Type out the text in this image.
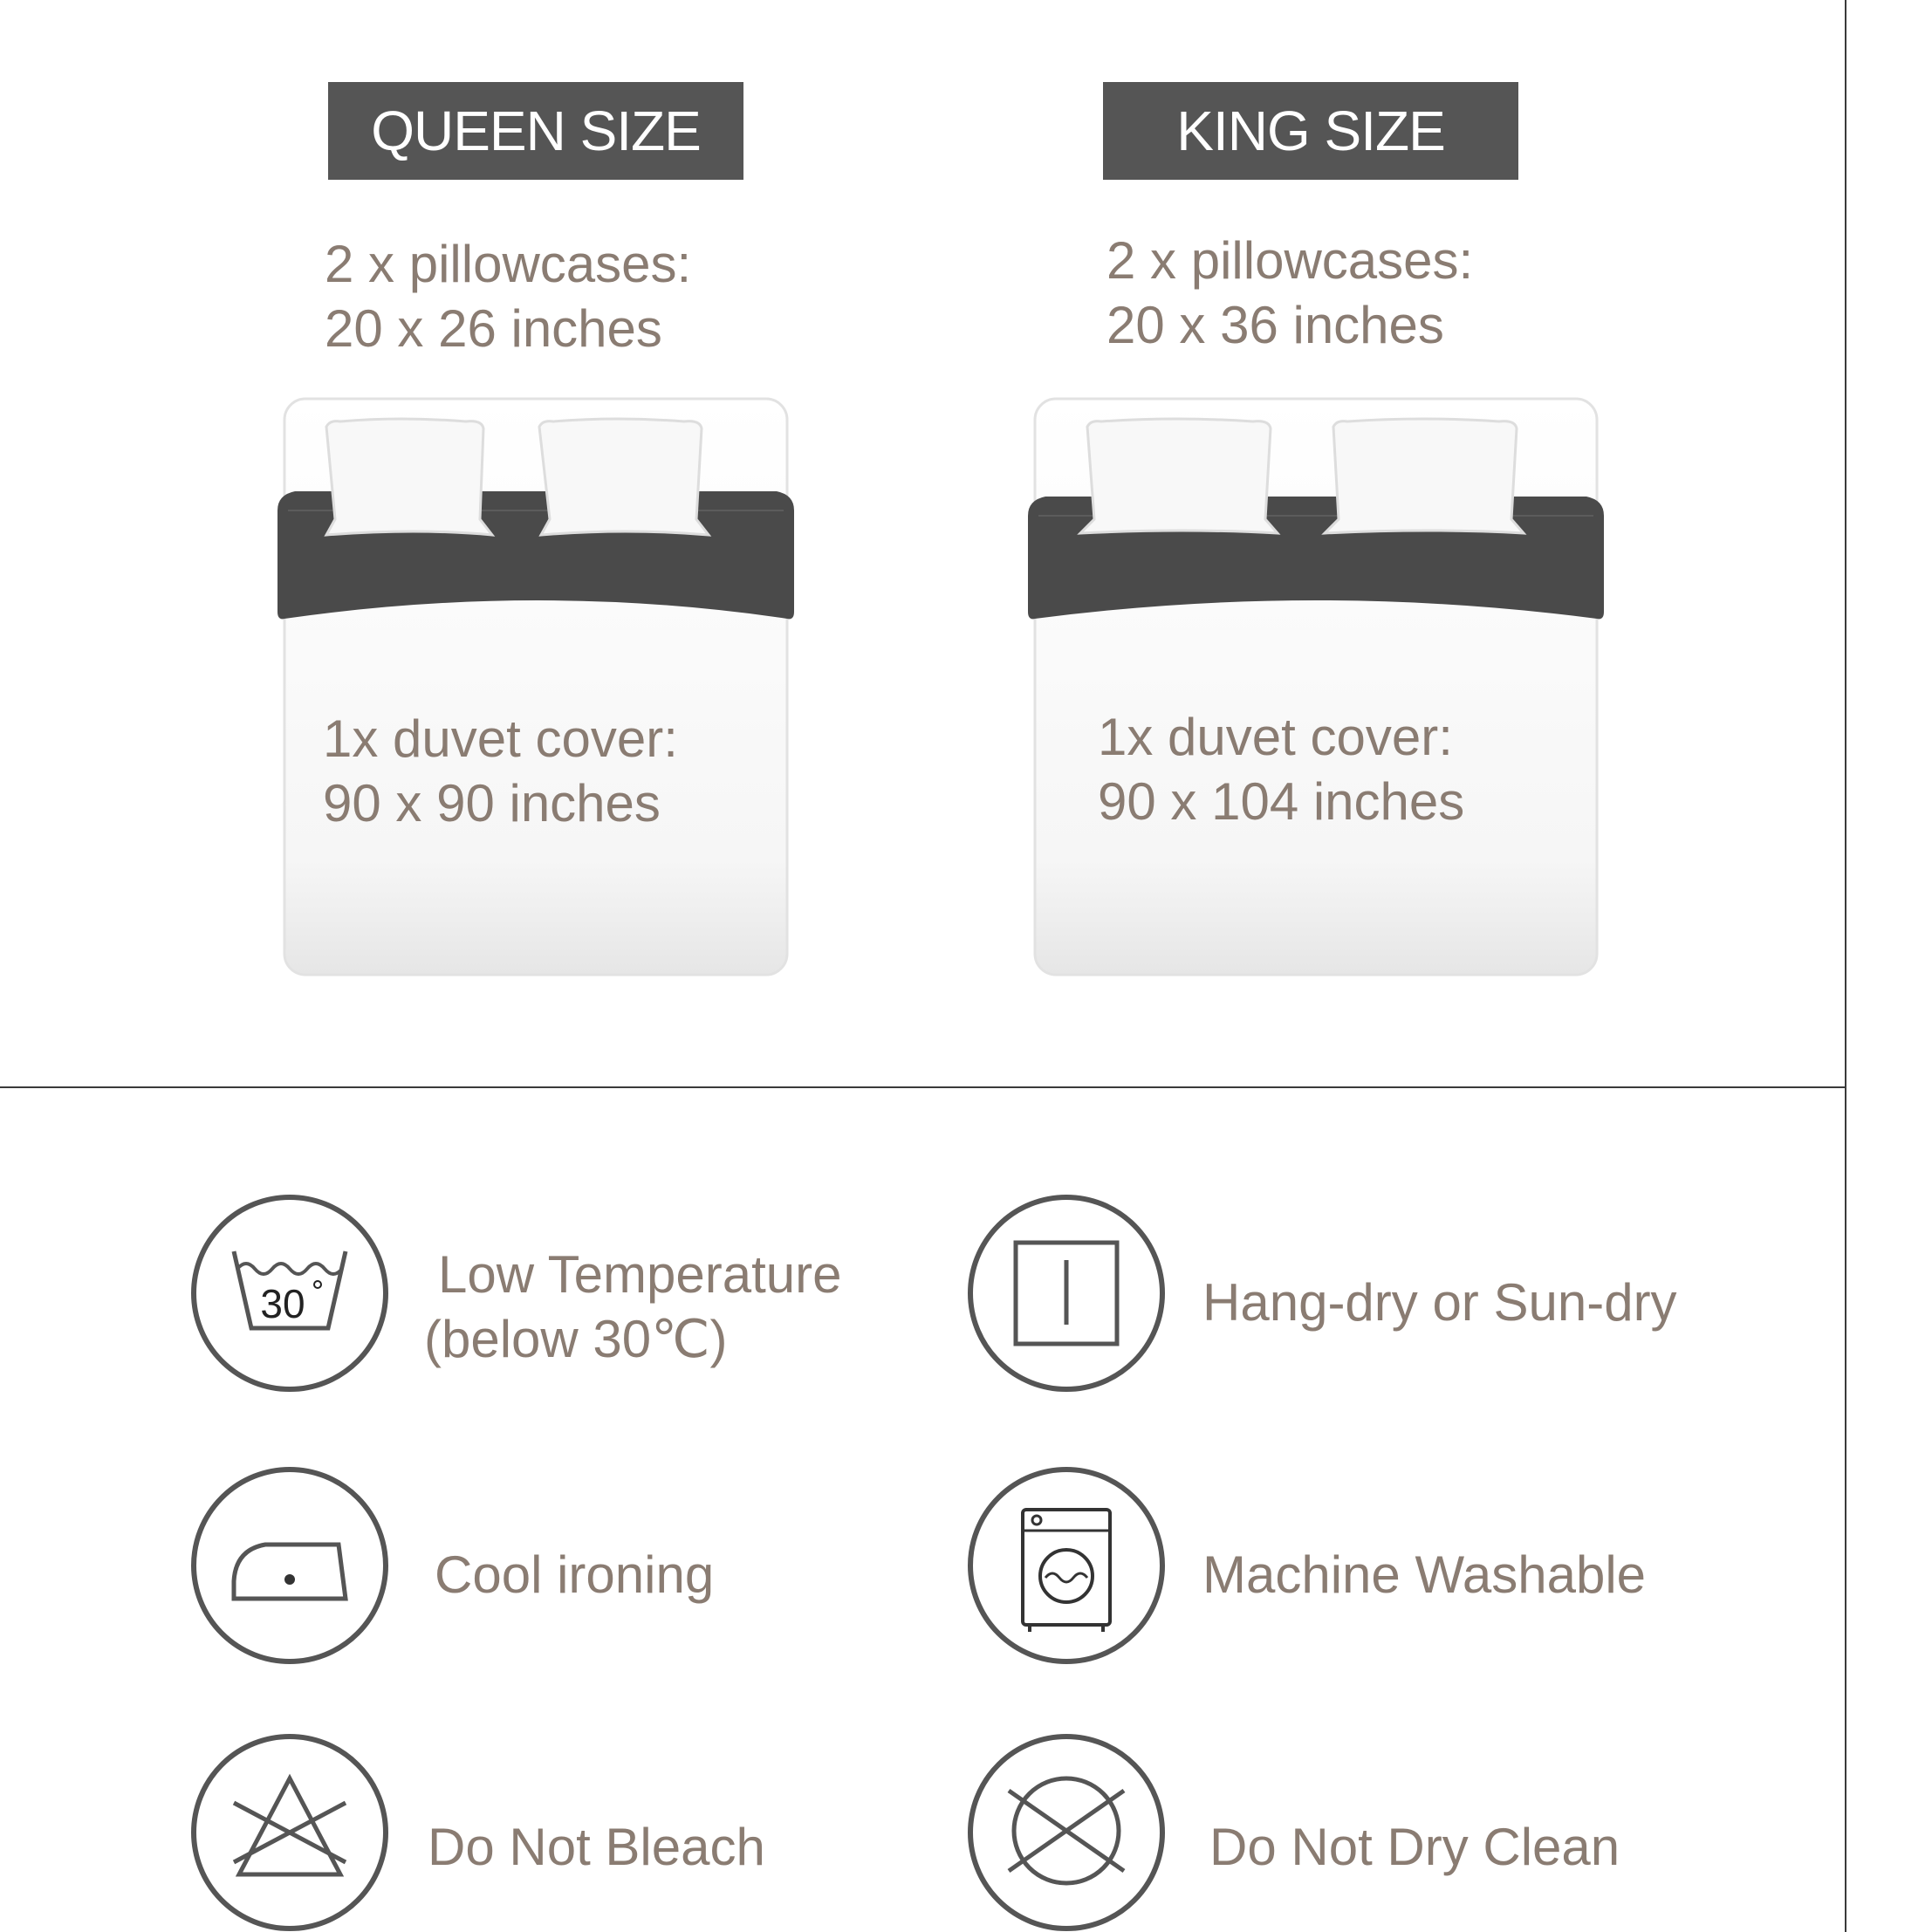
QUEEN SIZE
2 x pillowcases:
20 x 26 inches
1x duvet cover:
90 x 90 inches
KING SIZE
2 x pillowcases:
20 x 36 inches
1x duvet cover:
90 x 104 inches
30	Low Temperature
(below 30℃)
Hang-dry or Sun-dry
Cool ironing	Machine Washable
Do Not Bleach	Do Not Dry Clean
